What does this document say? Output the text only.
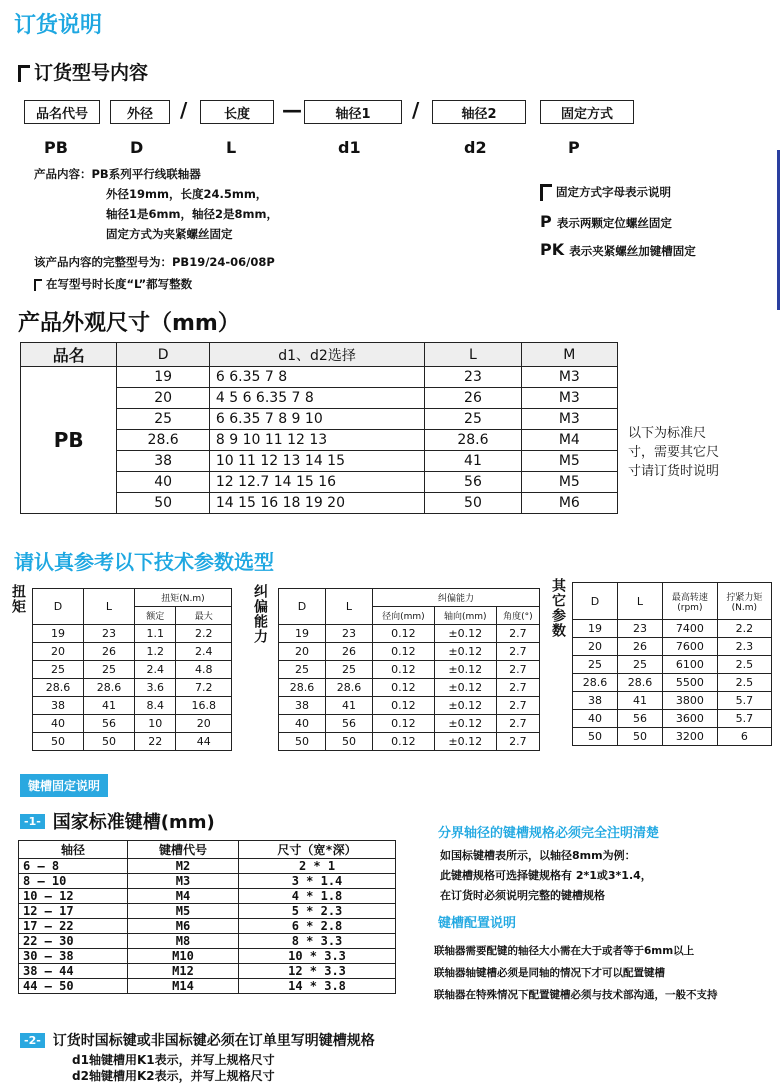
订货说明
订货型号内容
品名代号	外径	/	长度	—	轴径1	/	轴径2	固定方式
PB	D	L	d1	d2	P
产品内容：PB系列平行线联轴器
外径19mm，长度24.5mm，
轴径1是6mm，轴径2是8mm，
固定方式为夹紧螺丝固定
该产品内容的完整型号为：PB19/24-06/08P
在写型号时长度“L”都写整数
固定方式字母表示说明
P 表示两颗定位螺丝固定
PK 表示夹紧螺丝加键槽固定
产品外观尺寸（mm）
品名	D	d1、d2选择	L	M
PB	19	6 6.35 7 8	23	M3
	20	4 5 6 6.35 7 8	26	M3
	25	6 6.35 7 8 9 10	25	M3
	28.6	8 9 10 11 12 13	28.6	M4
	38	10 11 12 13 14 15	41	M5
	40	12 12.7 14 15 16	56	M5
	50	14 15 16 18 19 20	50	M6
以下为标准尺寸，需要其它尺寸请订货时说明
请认真参考以下技术参数选型
扭矩	D	L	扭矩(N.m)	
		额定	最大
19	23	1.1	2.2
20	26	1.2	2.4
25	25	2.4	4.8
28.6	28.6	3.6	7.2
38	41	8.4	16.8
40	56	10	20
50	50	22	44
纠偏能力	D	L	纠偏能力		
		径向(mm)	轴向(mm)	角度(°)
19	23	0.12	±0.12	2.7
20	26	0.12	±0.12	2.7
25	25	0.12	±0.12	2.7
28.6	28.6	0.12	±0.12	2.7
38	41	0.12	±0.12	2.7
40	56	0.12	±0.12	2.7
50	50	0.12	±0.12	2.7
其它参数 D	L	最高转速(rpm)	拧紧力矩(N.m)
19	23	7400	2.2
20	26	7600	2.3
25	25	6100	2.5
28.6	28.6	5500	2.5
38	41	3800	5.7
40	56	3600	5.7
50	50	3200	6
键槽固定说明
-1- 国家标准键槽(mm)
轴径	键槽代号	尺寸（宽*深）
6 — 8	M2	2 * 1
8 — 10	M3	3 * 1.4
10 — 12	M4	4 * 1.8
12 — 17	M5	5 * 2.3
17 — 22	M6	6 * 2.8
22 — 30	M8	8 * 3.3
30 — 38	M10	10 * 3.3
38 — 44	M12	12 * 3.3
44 — 50	M14	14 * 3.8
分界轴径的键槽规格必须完全注明清楚
如国标键槽表所示，以轴径8mm为例：
此键槽规格可选择键规格有 2*1或3*1.4，
在订货时必须说明完整的键槽规格
键槽配置说明
联轴器需要配键的轴径大小需在大于或者等于6mm以上
联轴器轴键槽必须是同轴的情况下才可以配置键槽
联轴器在特殊情况下配置键槽必须与技术部沟通，一般不支持
-2- 订货时国标键或非国标键必须在订单里写明键槽规格
d1轴键槽用K1表示，并写上规格尺寸
d2轴键槽用K2表示，并写上规格尺寸
